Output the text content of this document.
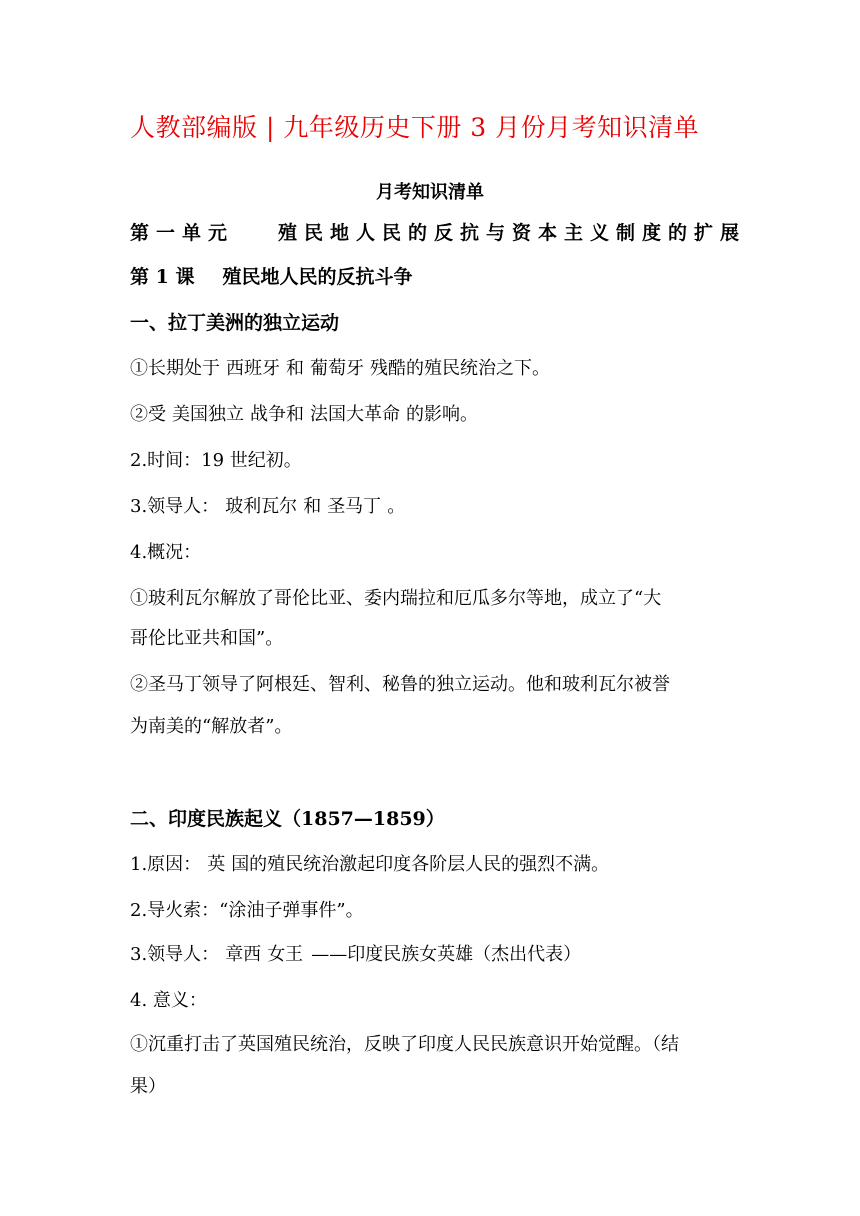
人教部编版 | 九年级历史下册 3 月份月考知识清单
月考知识清单
第一单元 殖民地人民的反抗与资本主义制度的扩展
第 1 课 殖民地人民的反抗斗争
一、拉丁美洲的独立运动
①长期处于 西班牙 和 葡萄牙 残酷的殖民统治之下。
②受 美国独立 战争和 法国大革命 的影响。
2.时间：19 世纪初。
3.领导人： 玻利瓦尔 和 圣马丁 。
4.概况：
①玻利瓦尔解放了哥伦比亚、委内瑞拉和厄瓜多尔等地，成立了“大
哥伦比亚共和国”。
②圣马丁领导了阿根廷、智利、秘鲁的独立运动。他和玻利瓦尔被誉
为南美的“解放者”。
二、印度民族起义（1857—1859）
1.原因： 英 国的殖民统治激起印度各阶层人民的强烈不满。
2.导火索：“涂油子弹事件”。
3.领导人： 章西 女王 ——印度民族女英雄（杰出代表）
4. 意义：
①沉重打击了英国殖民统治，反映了印度人民民族意识开始觉醒。（结
果）
